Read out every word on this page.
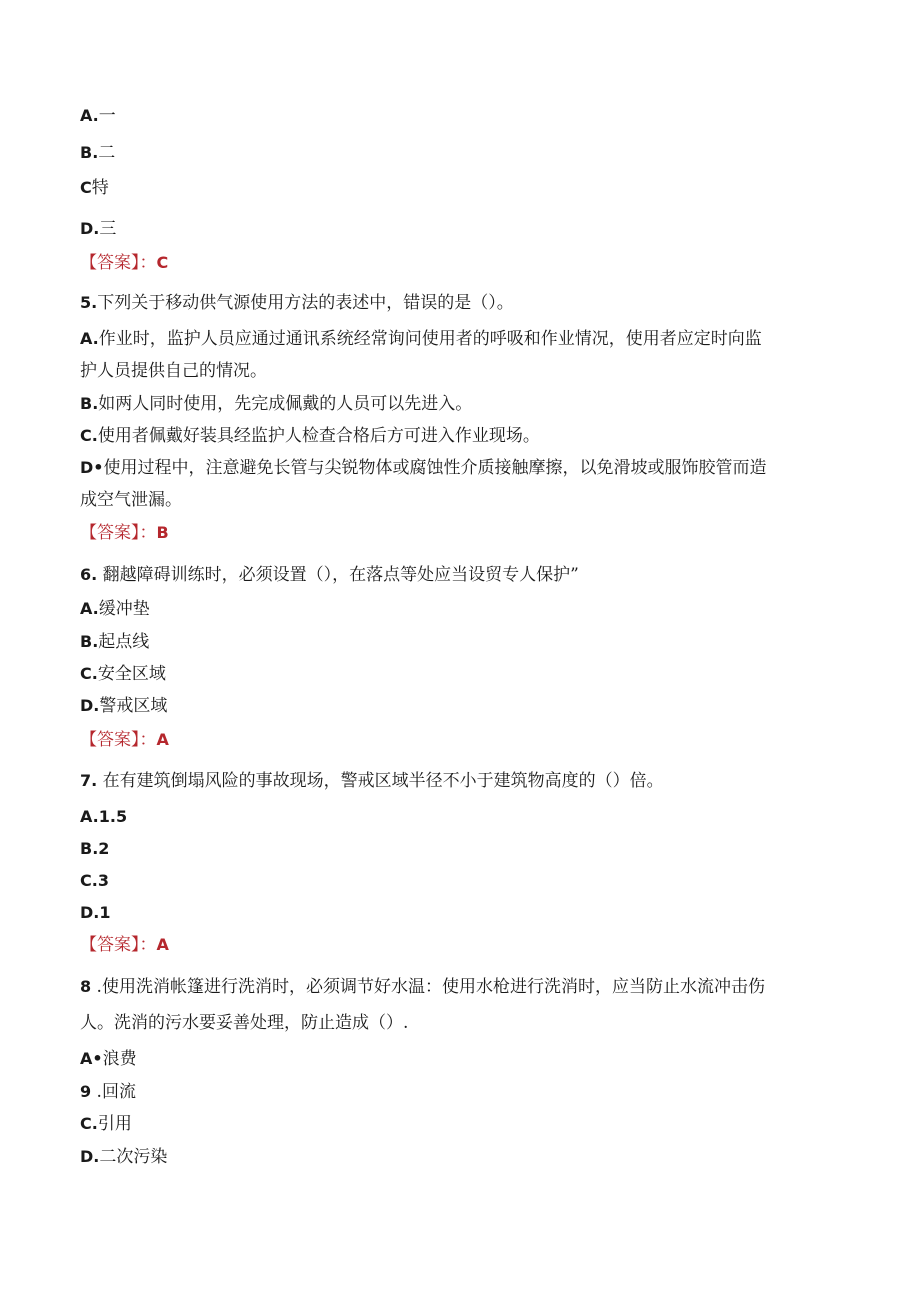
A.一
B.二
C特
D.三
【答案】：C
5.下列关于移动供气源使用方法的表述中，错误的是（）。
A.作业时，监护人员应通过通讯系统经常询问使用者的呼吸和作业情况，使用者应定时向监
护人员提供自己的情况。
B.如两人同时使用，先完成佩戴的人员可以先进入。
C.使用者佩戴好装具经监护人检查合格后方可进入作业现场。
D•使用过程中，注意避免长管与尖锐物体或腐蚀性介质接触摩擦，以免滑坡或服饰胶管而造
成空气泄漏。
【答案】：B
6. 翻越障碍训练时，必须设置（），在落点等处应当设贸专人保护”
A.缓冲垫
B.起点线
C.安全区域
D.警戒区域
【答案】：A
7. 在有建筑倒塌风险的事故现场，警戒区域半径不小于建筑物高度的（）倍。
A.1.5
B.2
C.3
D.1
【答案】：A
8 .使用洗消帐篷进行洗消时，必须调节好水温：使用水枪进行洗消时，应当防止水流冲击伤
人。洗消的污水要妥善处理，防止造成（）.
A•浪费
9 .回流
C.引用
D.二次污染
